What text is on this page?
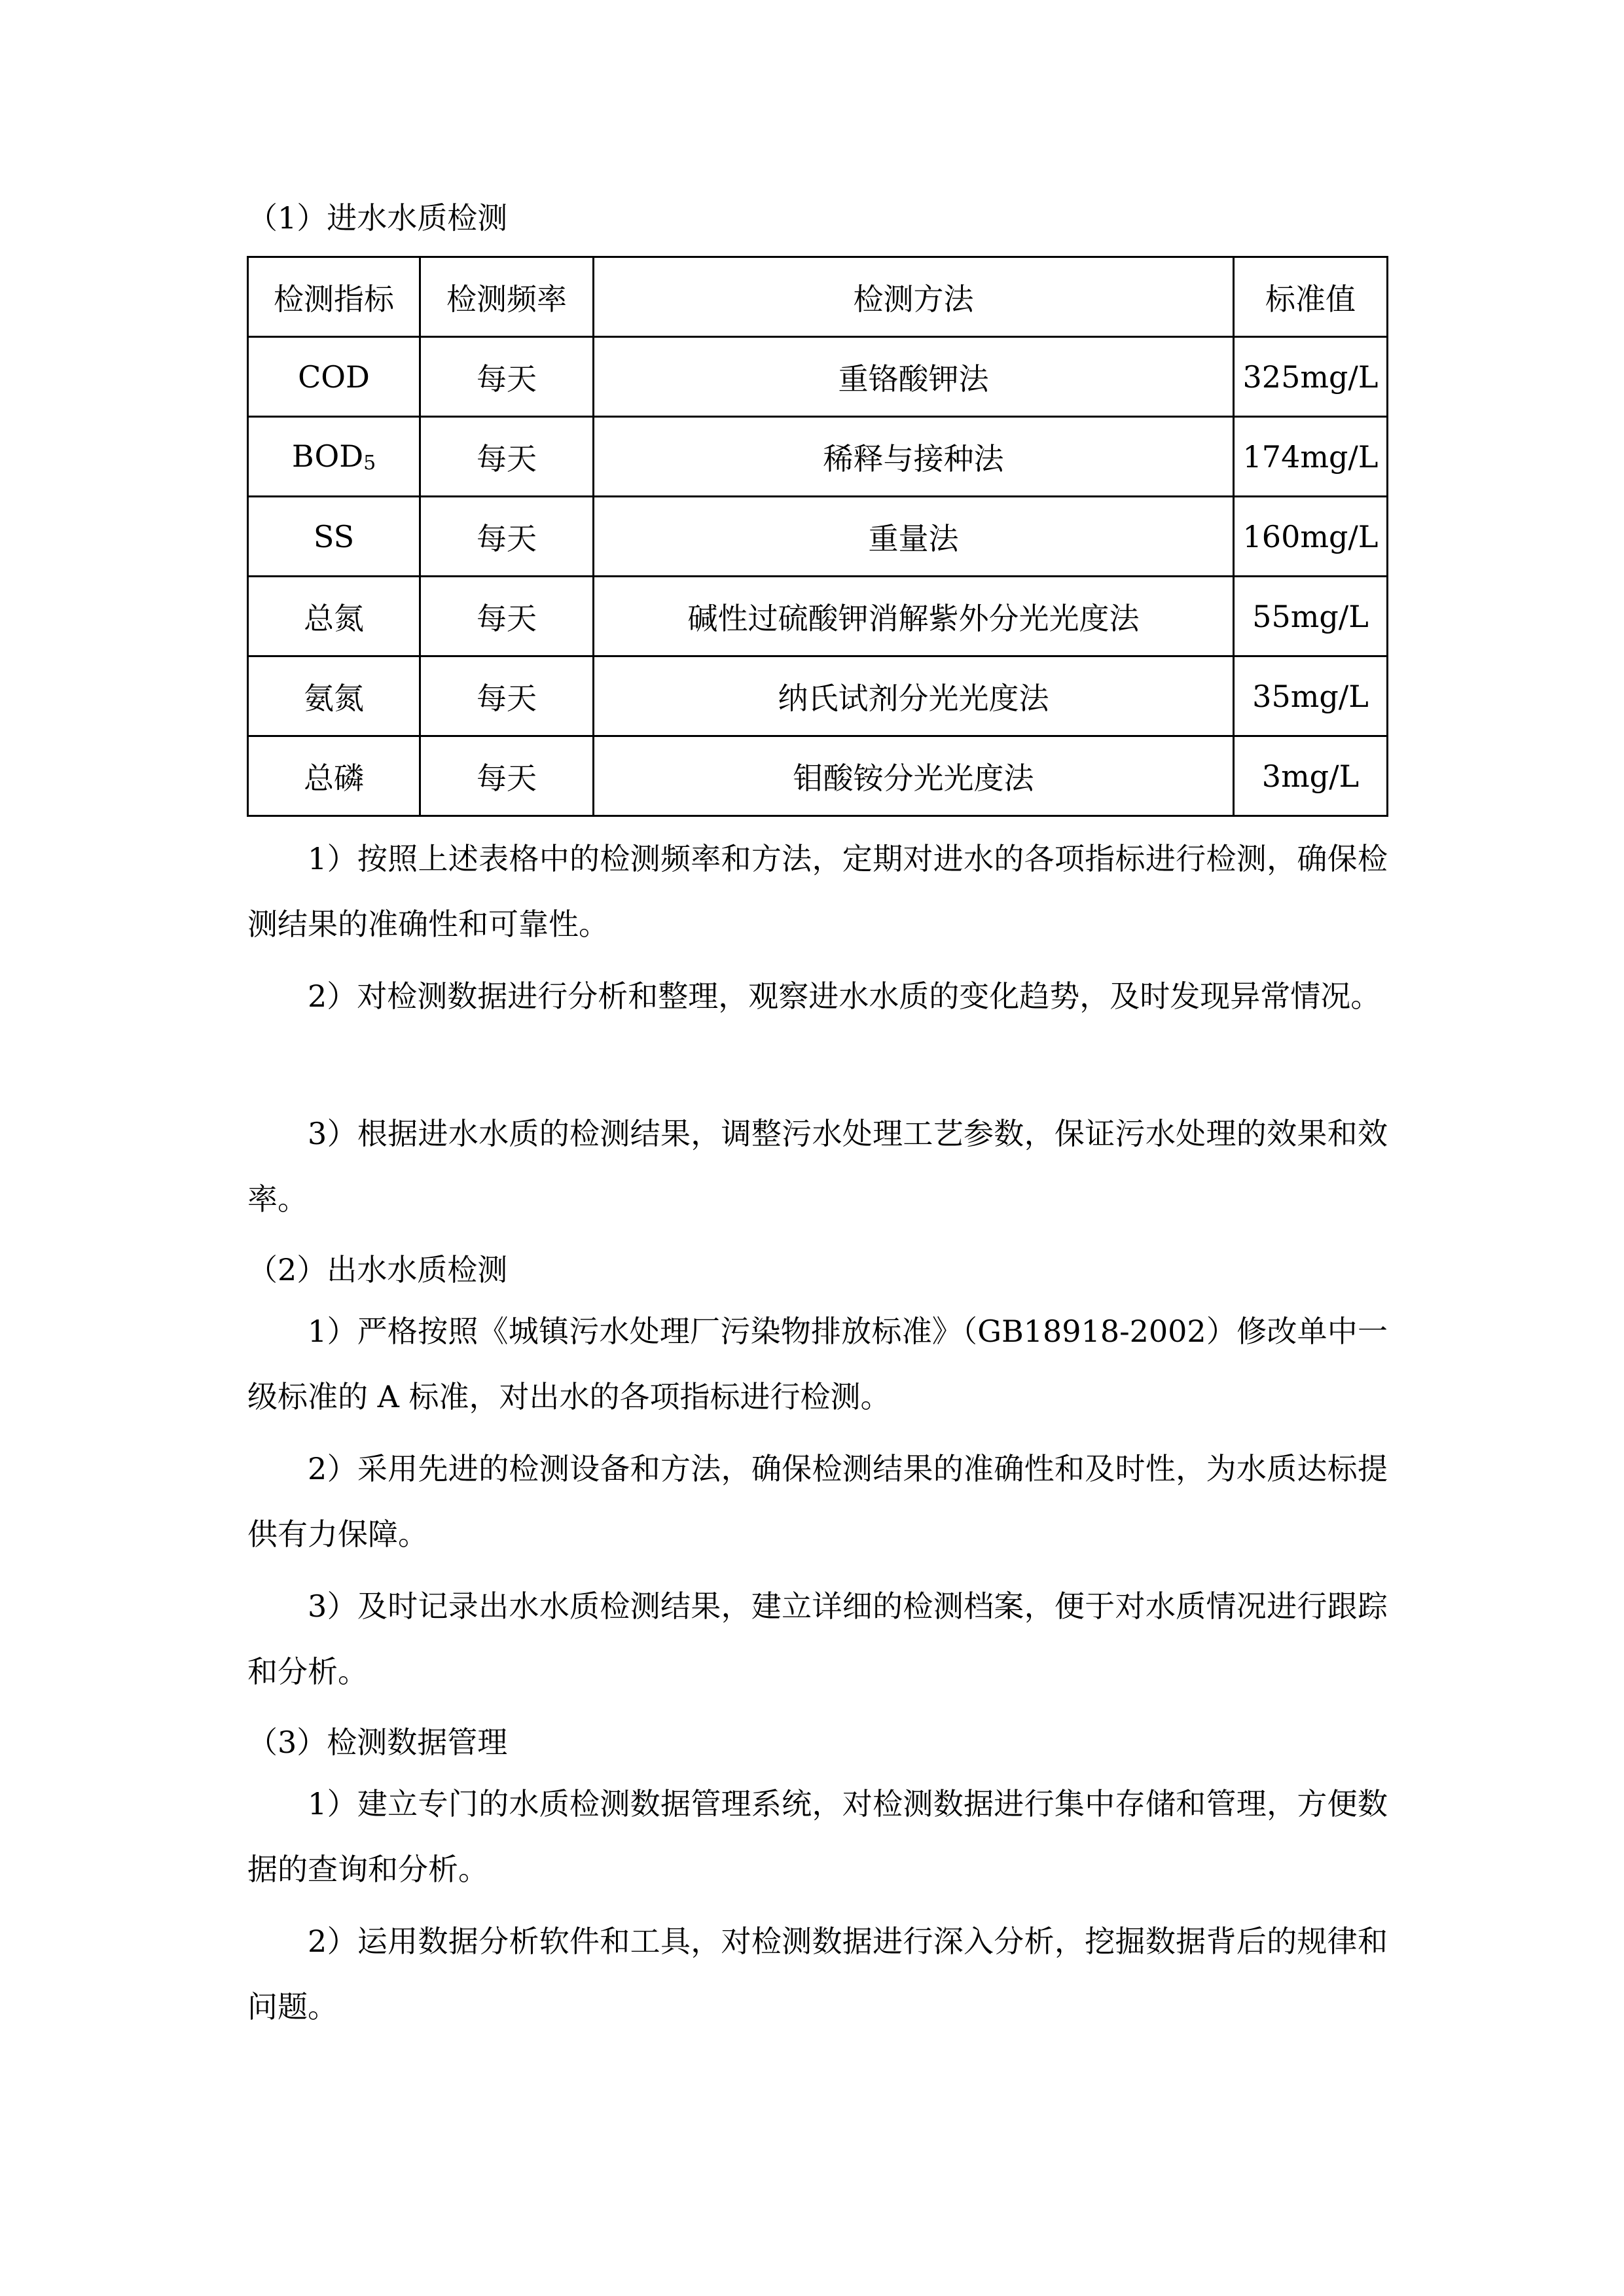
（1）进水水质检测
检测指标	检测频率	检测方法	标准值
COD	每天	重铬酸钾法	325mg/L
$BOD_5$	每天	稀释与接种法	174mg/L
SS	每天	重量法	160mg/L
总氮	每天	碱性过硫酸钾消解紫外分光光度法	55mg/L
氨氮	每天	纳氏试剂分光光度法	35mg/L
总磷	每天	钼酸铵分光光度法	3mg/L

1）按照上述表格中的检测频率和方法，定期对进水的各项指标进行检测，确保检测结果的准确性和可靠性。

2）对检测数据进行分析和整理，观察进水水质的变化趋势，及时发现异常情况。

3）根据进水水质的检测结果，调整污水处理工艺参数，保证污水处理的效果和效率。

（2）出水水质检测

1）严格按照《城镇污水处理厂污染物排放标准》（GB18918-2002）修改单中一级标准的 A 标准，对出水的各项指标进行检测。

2）采用先进的检测设备和方法，确保检测结果的准确性和及时性，为水质达标提供有力保障。

3）及时记录出水水质检测结果，建立详细的检测档案，便于对水质情况进行跟踪和分析。

（3）检测数据管理

1）建立专门的水质检测数据管理系统，对检测数据进行集中存储和管理，方便数据的查询和分析。

2）运用数据分析软件和工具，对检测数据进行深入分析，挖掘数据背后的规律和问题。
